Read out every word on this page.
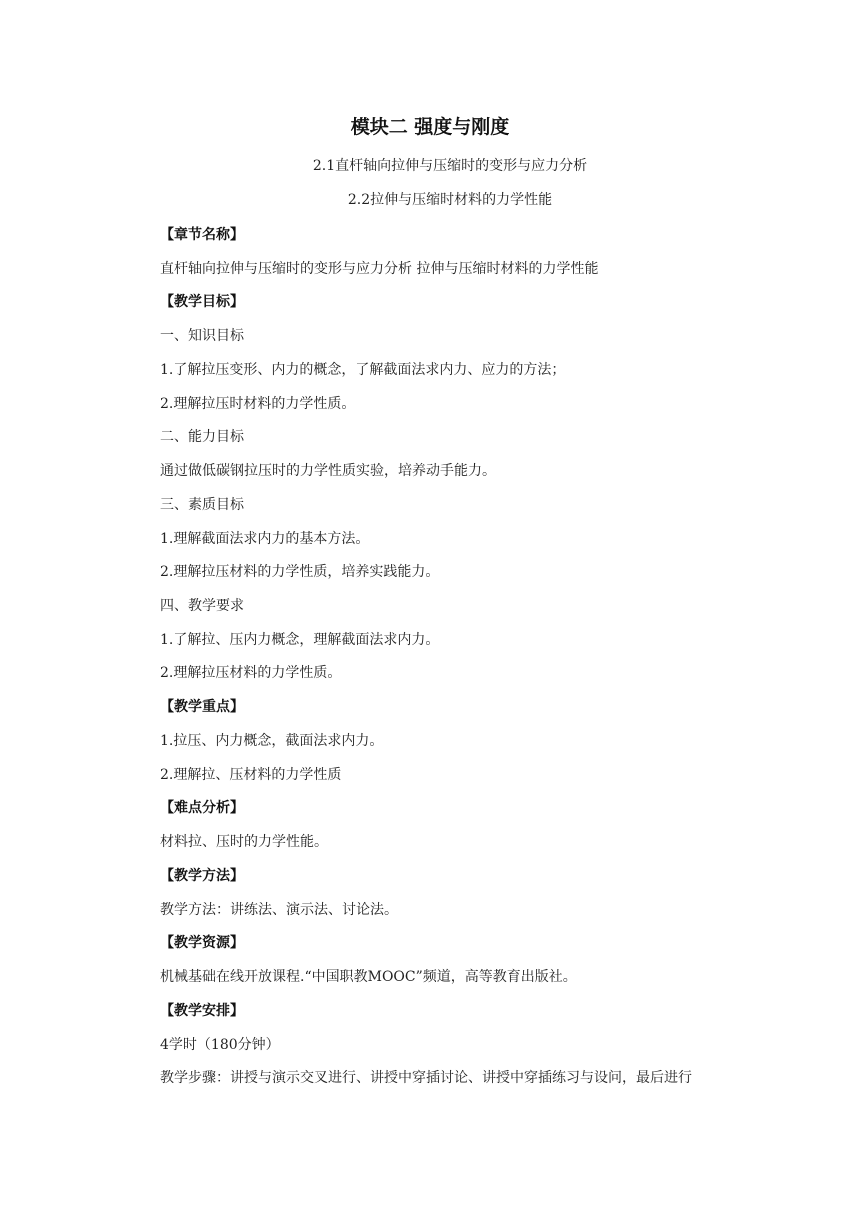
模块二 强度与刚度
2.1直杆轴向拉伸与压缩时的变形与应力分析
2.2拉伸与压缩时材料的力学性能
【章节名称】
直杆轴向拉伸与压缩时的变形与应力分析 拉伸与压缩时材料的力学性能
【教学目标】
一、知识目标
1.了解拉压变形、内力的概念，了解截面法求内力、应力的方法；
2.理解拉压时材料的力学性质。
二、能力目标
通过做低碳钢拉压时的力学性质实验，培养动手能力。
三、素质目标
1.理解截面法求内力的基本方法。
2.理解拉压材料的力学性质，培养实践能力。
四、教学要求
1.了解拉、压内力概念，理解截面法求内力。
2.理解拉压材料的力学性质。
【教学重点】
1.拉压、内力概念，截面法求内力。
2.理解拉、压材料的力学性质
【难点分析】
材料拉、压时的力学性能。
【教学方法】
教学方法：讲练法、演示法、讨论法。
【教学资源】
机械基础在线开放课程.“中国职教MOOC”频道，高等教育出版社。
【教学安排】
4学时（180分钟）
教学步骤：讲授与演示交叉进行、讲授中穿插讨论、讲授中穿插练习与设问，最后进行
